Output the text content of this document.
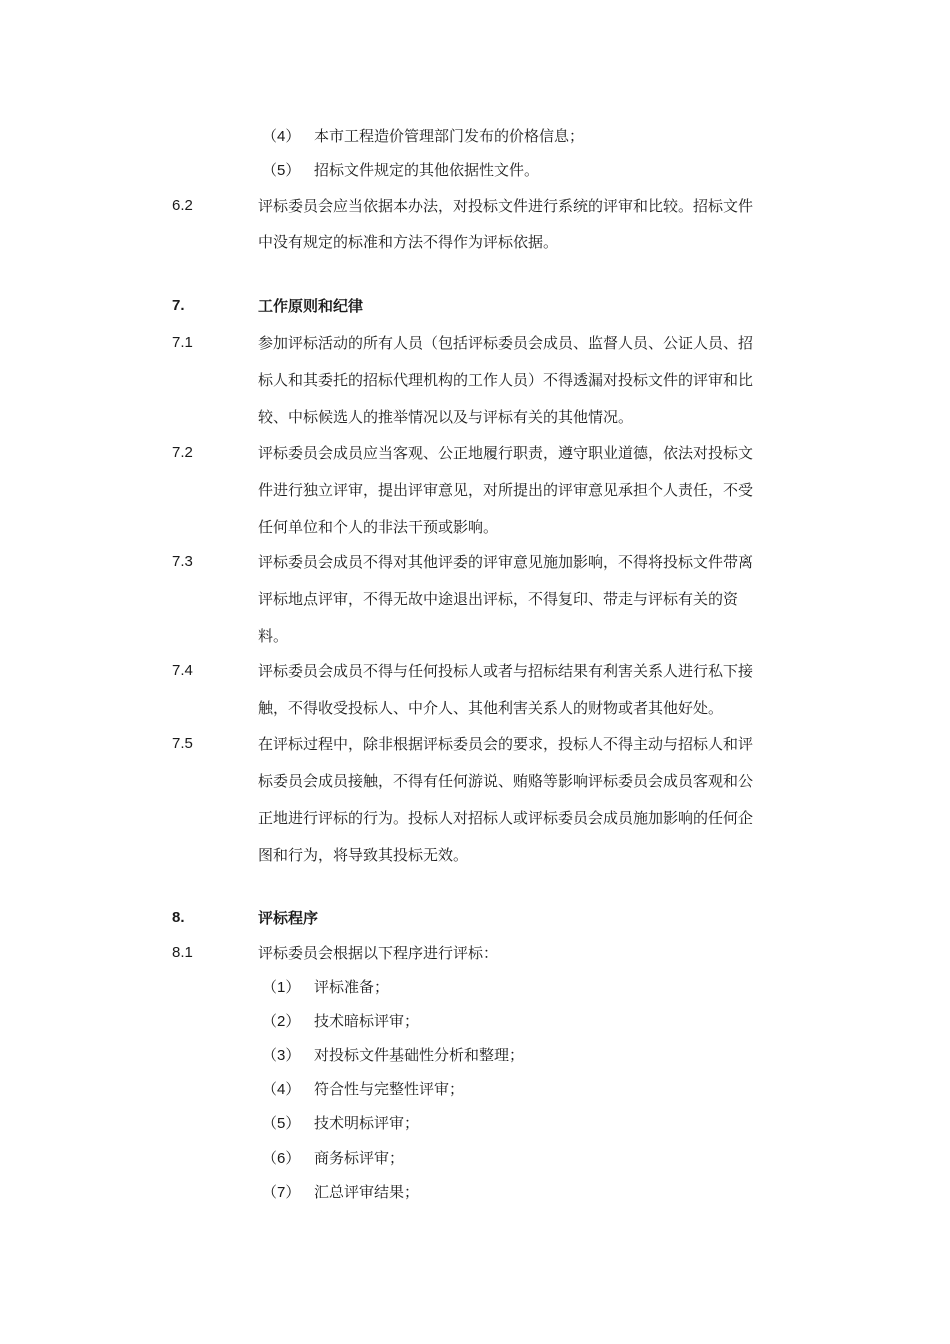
（4） 本市工程造价管理部门发布的价格信息；
（5） 招标文件规定的其他依据性文件。
6.2	评标委员会应当依据本办法，对投标文件进行系统的评审和比较。招标文件
中没有规定的标准和方法不得作为评标依据。
7.	工作原则和纪律
7.1	参加评标活动的所有人员（包括评标委员会成员、监督人员、公证人员、招
标人和其委托的招标代理机构的工作人员）不得透漏对投标文件的评审和比
较、中标候选人的推举情况以及与评标有关的其他情况。
7.2	评标委员会成员应当客观、公正地履行职责，遵守职业道德，依法对投标文
件进行独立评审，提出评审意见，对所提出的评审意见承担个人责任，不受
任何单位和个人的非法干预或影响。
7.3	评标委员会成员不得对其他评委的评审意见施加影响，不得将投标文件带离
评标地点评审，不得无故中途退出评标，不得复印、带走与评标有关的资
料。
7.4	评标委员会成员不得与任何投标人或者与招标结果有利害关系人进行私下接
触，不得收受投标人、中介人、其他利害关系人的财物或者其他好处。
7.5	在评标过程中，除非根据评标委员会的要求，投标人不得主动与招标人和评
标委员会成员接触，不得有任何游说、贿赂等影响评标委员会成员客观和公
正地进行评标的行为。投标人对招标人或评标委员会成员施加影响的任何企
图和行为，将导致其投标无效。
8.	评标程序
8.1	评标委员会根据以下程序进行评标：
（1） 评标准备；
（2） 技术暗标评审；
（3） 对投标文件基础性分析和整理；
（4） 符合性与完整性评审；
（5） 技术明标评审；
（6） 商务标评审；
（7） 汇总评审结果；
